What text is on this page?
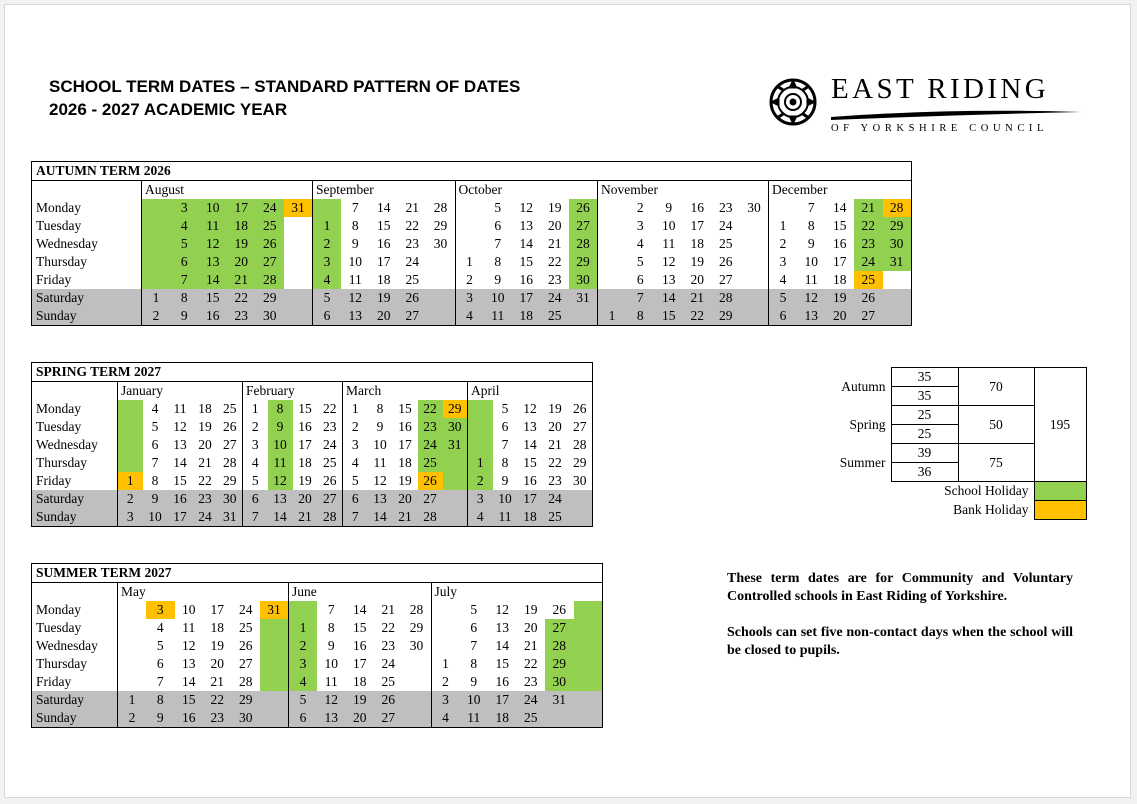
SCHOOL TERM DATES – STANDARD PATTERN OF DATES
2026 - 2027 ACADEMIC YEAR
EAST RIDING
OF YORKSHIRE COUNCIL
AUTUMN TERM 2026																											
	August						September					October					November						December				
Monday		3	10	17	24	31		7	14	21	28		5	12	19	26		2	9	16	23	30		7	14	21	28
Tuesday		4	11	18	25		1	8	15	22	29		6	13	20	27		3	10	17	24		1	8	15	22	29
Wednesday		5	12	19	26		2	9	16	23	30		7	14	21	28		4	11	18	25		2	9	16	23	30
Thursday		6	13	20	27		3	10	17	24		1	8	15	22	29		5	12	19	26		3	10	17	24	31
Friday		7	14	21	28		4	11	18	25		2	9	16	23	30		6	13	20	27		4	11	18	25	
Saturday	1	8	15	22	29		5	12	19	26		3	10	17	24	31		7	14	21	28		5	12	19	26	
Sunday	2	9	16	23	30		6	13	20	27		4	11	18	25		1	8	15	22	29		6	13	20	27	
SPRING TERM 2027																			
	January					February				March					April				
Monday		4	11	18	25	1	8	15	22	1	8	15	22	29		5	12	19	26
Tuesday		5	12	19	26	2	9	16	23	2	9	16	23	30		6	13	20	27
Wednesday		6	13	20	27	3	10	17	24	3	10	17	24	31		7	14	21	28
Thursday		7	14	21	28	4	11	18	25	4	11	18	25		1	8	15	22	29
Friday	1	8	15	22	29	5	12	19	26	5	12	19	26		2	9	16	23	30
Saturday	2	9	16	23	30	6	13	20	27	6	13	20	27		3	10	17	24	
Sunday	3	10	17	24	31	7	14	21	28	7	14	21	28		4	11	18	25	
SUMMER TERM 2027																	
	May						June					July					
Monday		3	10	17	24	31		7	14	21	28		5	12	19	26	
Tuesday		4	11	18	25		1	8	15	22	29		6	13	20	27	
Wednesday		5	12	19	26		2	9	16	23	30		7	14	21	28	
Thursday		6	13	20	27		3	10	17	24		1	8	15	22	29	
Friday		7	14	21	28		4	11	18	25		2	9	16	23	30	
Saturday	1	8	15	22	29		5	12	19	26		3	10	17	24	31	
Sunday	2	9	16	23	30		6	13	20	27		4	11	18	25		
Autumn	35	70	195
	35		
Spring	25	50	
	25		
Summer	39	75	
	36		
School Holiday			
Bank Holiday			

These term dates are for Community and Voluntary Controlled schools in East Riding of Yorkshire.

Schools can set five non-contact days when the school will be closed to pupils.
